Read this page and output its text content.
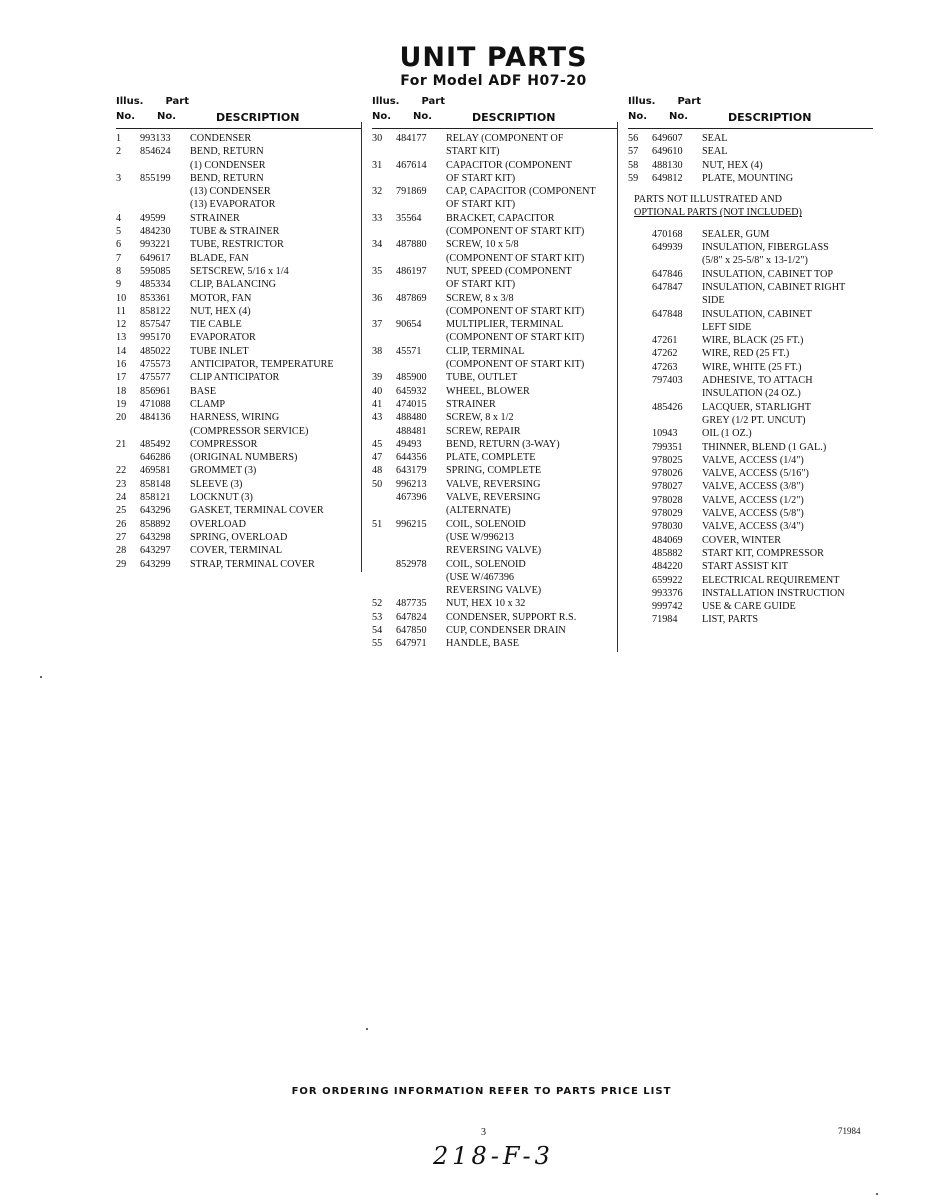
UNIT PARTS
For Model ADF H07-20
Illus. Part
No. No.	DESCRIPTION
1 993133 CONDENSER
2 854624 BEND, RETURN
(1) CONDENSER
3 855199 BEND, RETURN
(13) CONDENSER
(13) EVAPORATOR
4 49599 STRAINER
5 484230 TUBE & STRAINER
6 993221 TUBE, RESTRICTOR
7 649617 BLADE, FAN
8 595085 SETSCREW, 5/16 x 1/4
9 485334 CLIP, BALANCING
10 853361 MOTOR, FAN
11 858122 NUT, HEX (4)
12 857547 TIE CABLE
13 995170 EVAPORATOR
14 485022 TUBE INLET
16 475573 ANTICIPATOR, TEMPERATURE
17 475577 CLIP ANTICIPATOR
18 856961 BASE
19 471088 CLAMP
20 484136 HARNESS, WIRING
(COMPRESSOR SERVICE)
21 485492 COMPRESSOR
646286 (ORIGINAL NUMBERS)
22 469581 GROMMET (3)
23 858148 SLEEVE (3)
24 858121 LOCKNUT (3)
25 643296 GASKET, TERMINAL COVER
26 858892 OVERLOAD
27 643298 SPRING, OVERLOAD
28 643297 COVER, TERMINAL
29 643299 STRAP, TERMINAL COVER
Illus. Part
No. No.	DESCRIPTION
30 484177 RELAY (COMPONENT OF
START KIT)
31 467614 CAPACITOR (COMPONENT
OF START KIT)
32 791869 CAP, CAPACITOR (COMPONENT
OF START KIT)
33 35564 BRACKET, CAPACITOR
(COMPONENT OF START KIT)
34 487880 SCREW, 10 x 5/8
(COMPONENT OF START KIT)
35 486197 NUT, SPEED (COMPONENT
OF START KIT)
36 487869 SCREW, 8 x 3/8
(COMPONENT OF START KIT)
37 90654 MULTIPLIER, TERMINAL
(COMPONENT OF START KIT)
38 45571 CLIP, TERMINAL
(COMPONENT OF START KIT)
39 485900 TUBE, OUTLET
40 645932 WHEEL, BLOWER
41 474015 STRAINER
43 488480 SCREW, 8 x 1/2
488481 SCREW, REPAIR
45 49493 BEND, RETURN (3-WAY)
47 644356 PLATE, COMPLETE
48 643179 SPRING, COMPLETE
50 996213 VALVE, REVERSING
467396 VALVE, REVERSING
(ALTERNATE)
51 996215 COIL, SOLENOID
(USE W/996213
REVERSING VALVE)
852978 COIL, SOLENOID
(USE W/467396
REVERSING VALVE)
52 487735 NUT, HEX 10 x 32
53 647824 CONDENSER, SUPPORT R.S.
54 647850 CUP, CONDENSER DRAIN
55 647971 HANDLE, BASE
Illus. Part
No. No.	DESCRIPTION
56 649607 SEAL
57 649610 SEAL
58 488130 NUT, HEX (4)
59 649812 PLATE, MOUNTING
PARTS NOT ILLUSTRATED AND
OPTIONAL PARTS (NOT INCLUDED)
470168 SEALER, GUM
649939 INSULATION, FIBERGLASS
(5/8" x 25-5/8" x 13-1/2")
647846 INSULATION, CABINET TOP
647847 INSULATION, CABINET RIGHT
SIDE
647848 INSULATION, CABINET
LEFT SIDE
47261 WIRE, BLACK (25 FT.)
47262 WIRE, RED (25 FT.)
47263 WIRE, WHITE (25 FT.)
797403 ADHESIVE, TO ATTACH
INSULATION (24 OZ.)
485426 LACQUER, STARLIGHT
GREY (1/2 PT. UNCUT)
10943 OIL (1 OZ.)
799351 THINNER, BLEND (1 GAL.)
978025 VALVE, ACCESS (1/4")
978026 VALVE, ACCESS (5/16")
978027 VALVE, ACCESS (3/8")
978028 VALVE, ACCESS (1/2")
978029 VALVE, ACCESS (5/8")
978030 VALVE, ACCESS (3/4")
484069 COVER, WINTER
485882 START KIT, COMPRESSOR
484220 START ASSIST KIT
659922 ELECTRICAL REQUIREMENT
993376 INSTALLATION INSTRUCTION
999742 USE & CARE GUIDE
71984 LIST, PARTS
FOR ORDERING INFORMATION REFER TO PARTS PRICE LIST
3	71984
218-F-3
